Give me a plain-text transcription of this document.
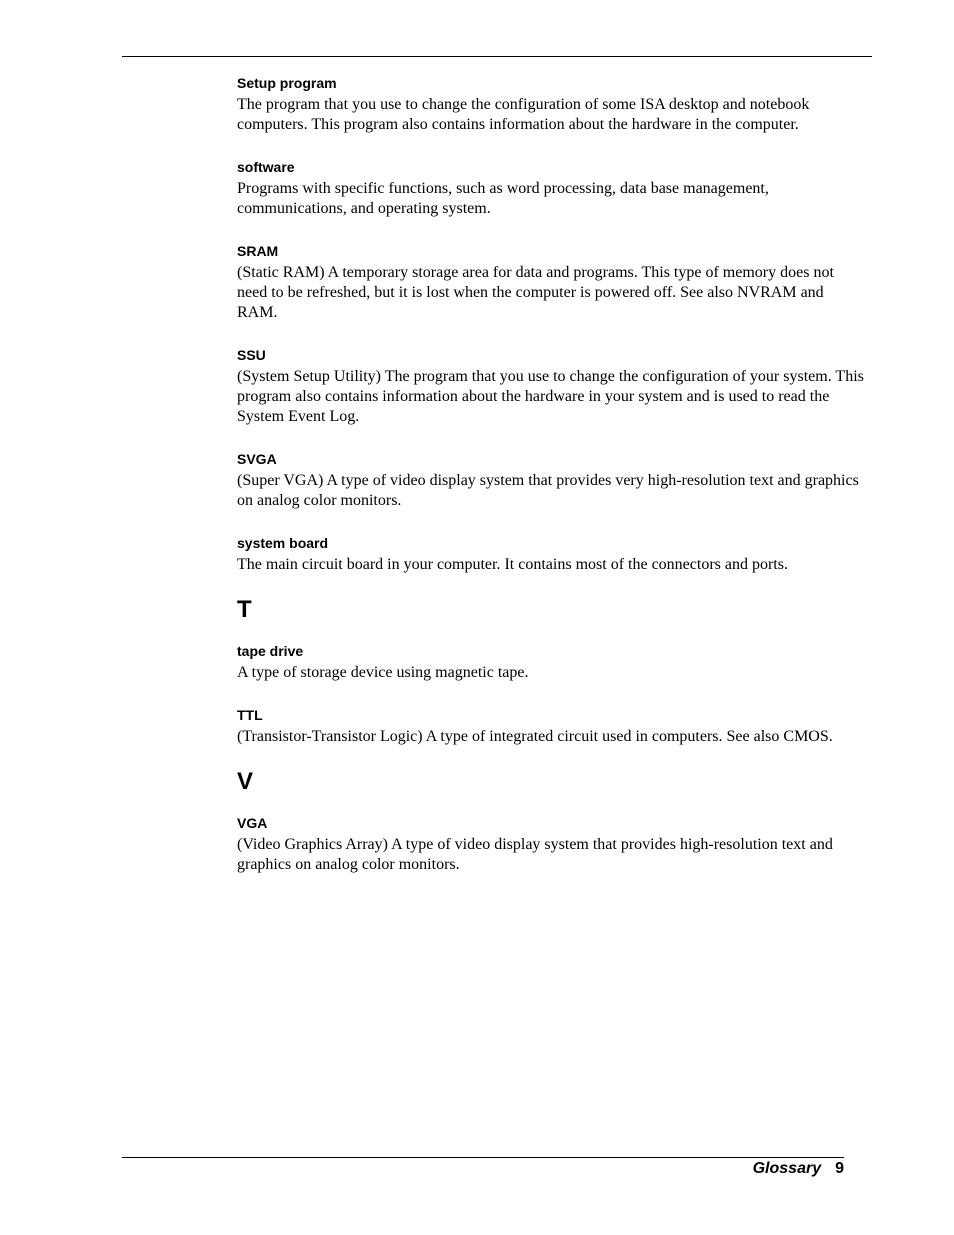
Setup program

The program that you use to change the configuration of some ISA desktop and notebook computers. This program also contains information about the hardware in the computer.

software

Programs with specific functions, such as word processing, data base management, communications, and operating system.

SRAM

(Static RAM) A temporary storage area for data and programs. This type of memory does not need to be refreshed, but it is lost when the computer is powered off. See also NVRAM and RAM.

SSU

(System Setup Utility) The program that you use to change the configuration of your system. This program also contains information about the hardware in your system and is used to read the System Event Log.

SVGA

(Super VGA) A type of video display system that provides very high-resolution text and graphics on analog color monitors.

system board

The main circuit board in your computer. It contains most of the connectors and ports.

T

tape drive

A type of storage device using magnetic tape.

TTL

(Transistor-Transistor Logic) A type of integrated circuit used in computers. See also CMOS.

V

VGA

(Video Graphics Array) A type of video display system that provides high-resolution text and graphics on analog color monitors.

Glossary 9
